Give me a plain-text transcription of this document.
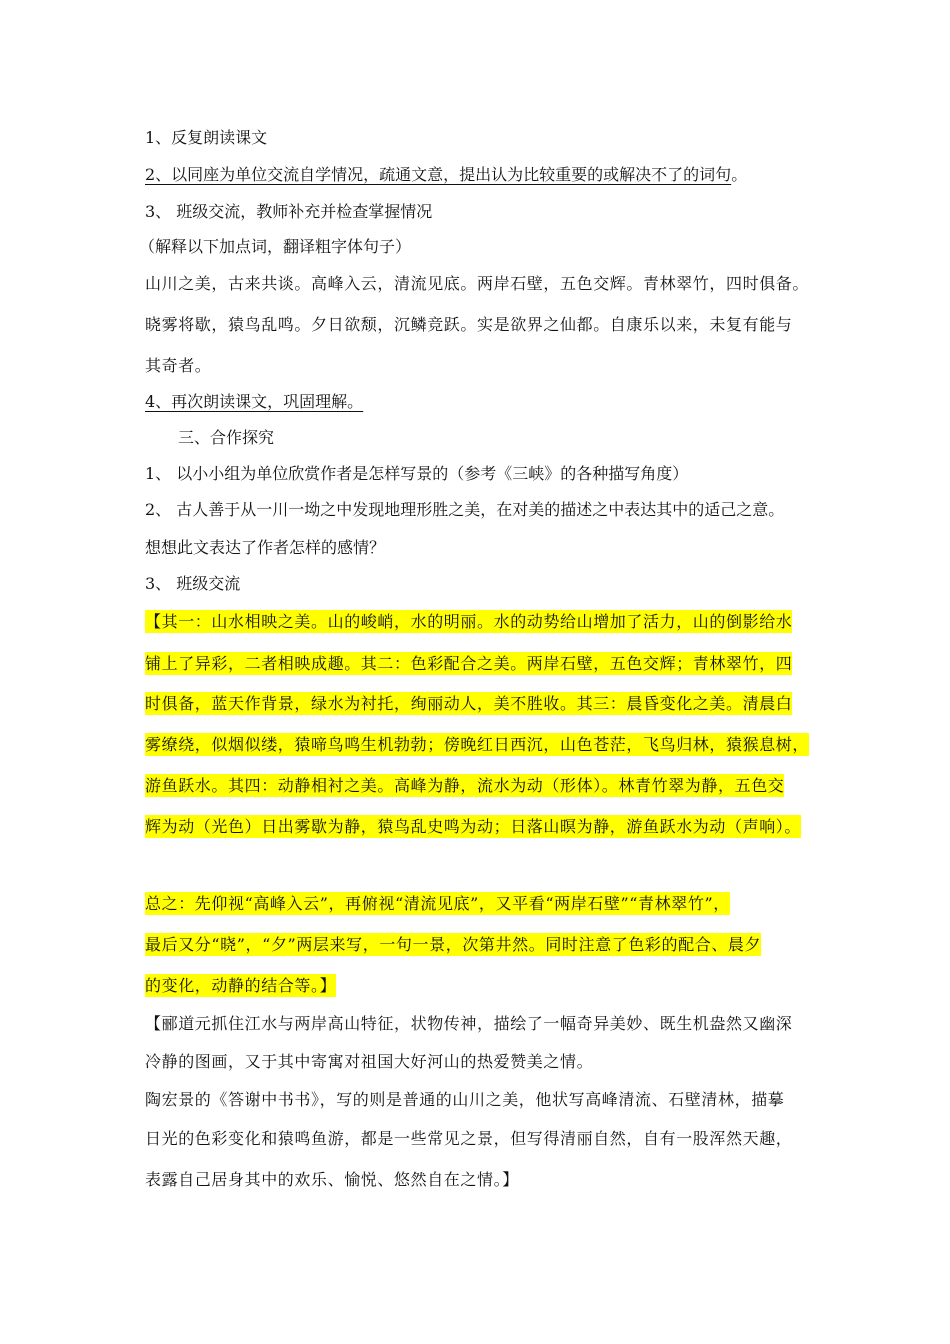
1、反复朗读课文

2、以同座为单位交流自学情况，疏通文意，提出认为比较重要的或解决不了的词句。

3、 班级交流，教师补充并检查掌握情况

（解释以下加点词，翻译粗字体句子）

山川之美，古来共谈。高峰入云，清流见底。两岸石壁，五色交辉。青林翠竹，四时俱备。

晓雾将歇，猿鸟乱鸣。夕日欲颓，沉鳞竞跃。实是欲界之仙都。自康乐以来，未复有能与

其奇者。

4、再次朗读课文，巩固理解。

三、合作探究

1、 以小小组为单位欣赏作者是怎样写景的（参考《三峡》的各种描写角度）

2、 古人善于从一川一坳之中发现地理形胜之美，在对美的描述之中表达其中的适己之意。

想想此文表达了作者怎样的感情？

3、 班级交流

【其一：山水相映之美。山的峻峭，水的明丽。水的动势给山增加了活力，山的倒影给水

铺上了异彩，二者相映成趣。其二：色彩配合之美。两岸石壁，五色交辉；青林翠竹，四

时俱备，蓝天作背景，绿水为衬托，绚丽动人，美不胜收。其三：晨昏变化之美。清晨白

雾缭绕，似烟似缕，猿啼鸟鸣生机勃勃；傍晚红日西沉，山色苍茫，飞鸟归林，猿猴息树，

游鱼跃水。其四：动静相衬之美。高峰为静，流水为动（形体）。林青竹翠为静，五色交

辉为动（光色）日出雾歇为静，猿鸟乱史鸣为动；日落山暝为静，游鱼跃水为动（声响）。

总之：先仰视“高峰入云”，再俯视“清流见底”，又平看“两岸石壁”“青林翠竹”，

最后又分“晓”，“夕”两层来写，一句一景，次第井然。同时注意了色彩的配合、晨夕

的变化，动静的结合等。】

【郦道元抓住江水与两岸高山特征，状物传神，描绘了一幅奇异美妙、既生机盎然又幽深

冷静的图画，又于其中寄寓对祖国大好河山的热爱赞美之情。

陶宏景的《答谢中书书》，写的则是普通的山川之美，他状写高峰清流、石壁清林，描摹

日光的色彩变化和猿鸣鱼游，都是一些常见之景，但写得清丽自然，自有一股浑然天趣，

表露自己居身其中的欢乐、愉悦、悠然自在之情。】
